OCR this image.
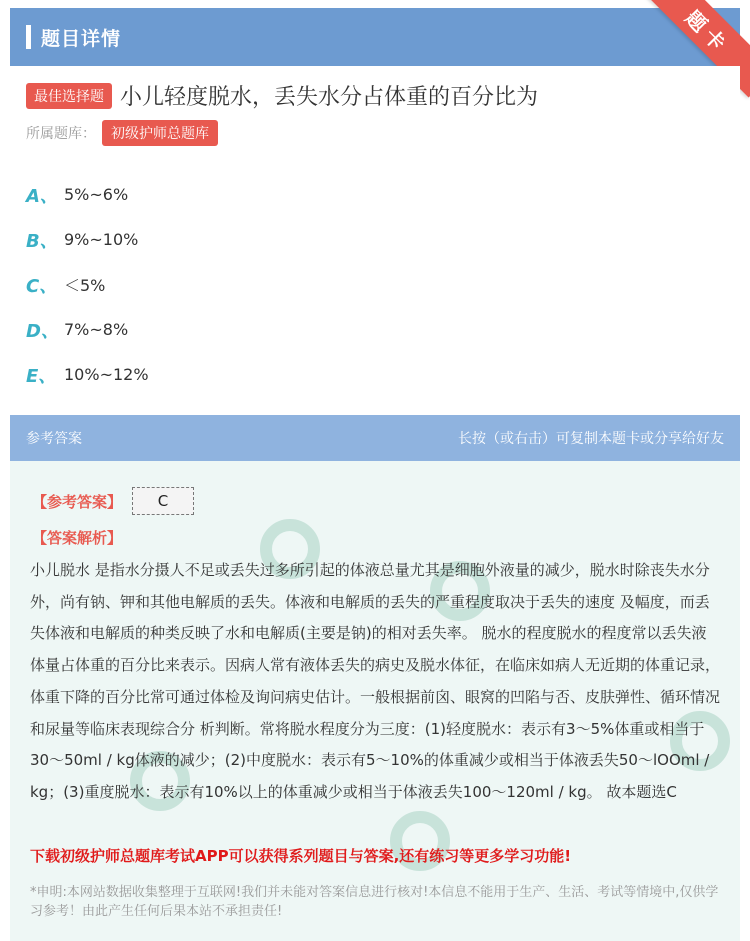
题目详情	题卡
最佳选择题 小儿轻度脱水，丢失水分占体重的百分比为
所属题库：	初级护师总题库
A、 5%~6%
B、 9%~10%
C、 ＜5%
D、 7%~8%
E、 10%~12%
参考答案	长按（或右击）可复制本题卡或分享给好友
【参考答案】	C
【答案解析】
小儿脱水 是指水分摄人不足或丢失过多所引起的体液总量尤其是细胞外液量的减少，脱水时除丧失水分外，尚有钠、钾和其他电解质的丢失。体液和电解质的丢失的严重程度取决于丢失的速度 及幅度，而丢失体液和电解质的种类反映了水和电解质(主要是钠)的相对丢失率。 脱水的程度脱水的程度常以丢失液体量占体重的百分比来表示。因病人常有液体丢失的病史及脱水体征，在临床如病人无近期的体重记录，体重下降的百分比常可通过体检及询问病史估计。一般根据前囟、眼窝的凹陷与否、皮肤弹性、循环情况和尿量等临床表现综合分 析判断。常将脱水程度分为三度：(1)轻度脱水：表示有3～5%体重或相当于30～50ml / kg体液的减少；(2)中度脱水：表示有5～10%的体重减少或相当于体液丢失50～lOOml / kg；(3)重度脱水：表示有10%以上的体重减少或相当于体液丢失100～120ml / kg。 故本题选C
下载初级护师总题库考试APP可以获得系列题目与答案,还有练习等更多学习功能!
*申明:本网站数据收集整理于互联网!我们并未能对答案信息进行核对!本信息不能用于生产、生活、考试等情境中,仅供学习参考！由此产生任何后果本站不承担责任!
